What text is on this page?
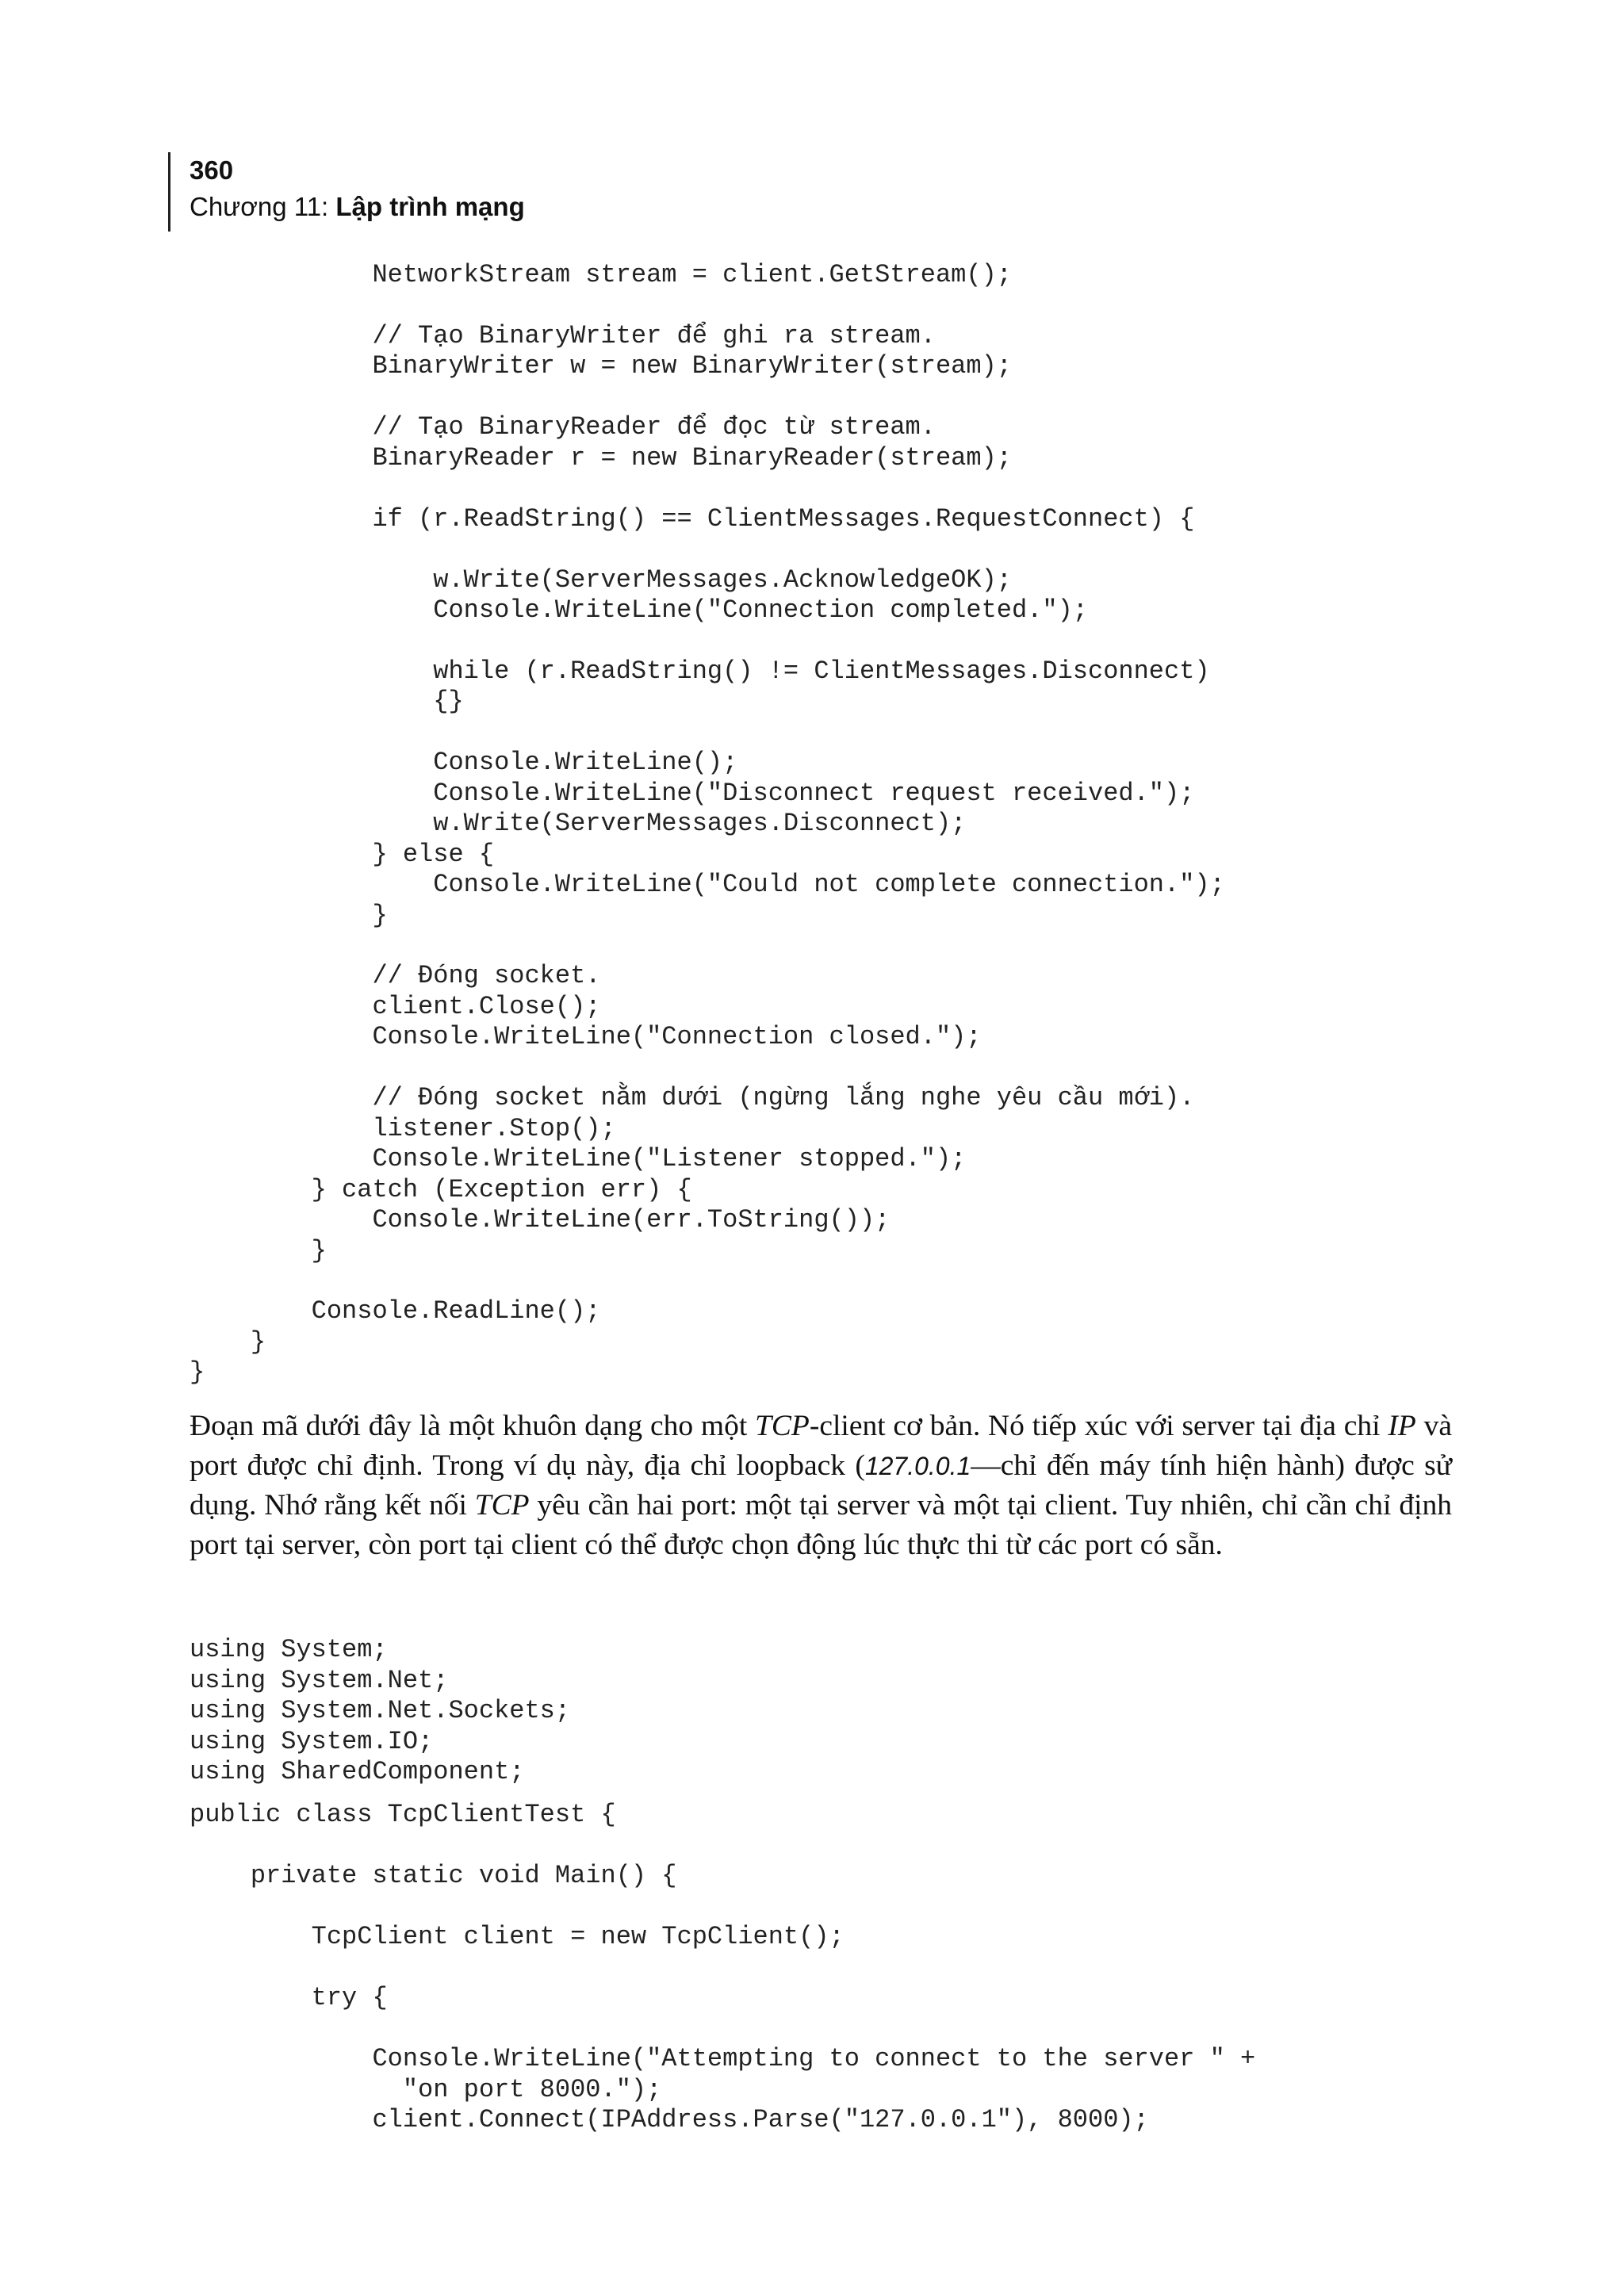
360
Chương 11: Lập trình mạng
NetworkStream stream = client.GetStream();

// Tạo BinaryWriter để ghi ra stream.
BinaryWriter w = new BinaryWriter(stream);

// Tạo BinaryReader để đọc từ stream.
BinaryReader r = new BinaryReader(stream);

if (r.ReadString() == ClientMessages.RequestConnect) {

w.Write(ServerMessages.AcknowledgeOK);
Console.WriteLine("Connection completed.");

while (r.ReadString() != ClientMessages.Disconnect)
{}

Console.WriteLine();
Console.WriteLine("Disconnect request received.");
w.Write(ServerMessages.Disconnect);
} else {
Console.WriteLine("Could not complete connection.");
}

// Đóng socket.
client.Close();
Console.WriteLine("Connection closed.");

// Đóng socket nằm dưới (ngừng lắng nghe yêu cầu mới).
listener.Stop();
Console.WriteLine("Listener stopped.");
} catch (Exception err) {
Console.WriteLine(err.ToString());
}

Console.ReadLine();
}
}

Đoạn mã dưới đây là một khuôn dạng cho một TCP-client cơ bản. Nó tiếp xúc với server tại địa chỉ IP và port được chỉ định. Trong ví dụ này, địa chỉ loopback (127.0.0.1—chỉ đến máy tính hiện hành) được sử dụng. Nhớ rằng kết nối TCP yêu cần hai port: một tại server và một tại client. Tuy nhiên, chỉ cần chỉ định port tại server, còn port tại client có thể được chọn động lúc thực thi từ các port có sẵn.

using System;
using System.Net;
using System.Net.Sockets;
using System.IO;
using SharedComponent;
public class TcpClientTest {

private static void Main() {

TcpClient client = new TcpClient();

try {

Console.WriteLine("Attempting to connect to the server " +
"on port 8000.");
client.Connect(IPAddress.Parse("127.0.0.1"), 8000);
